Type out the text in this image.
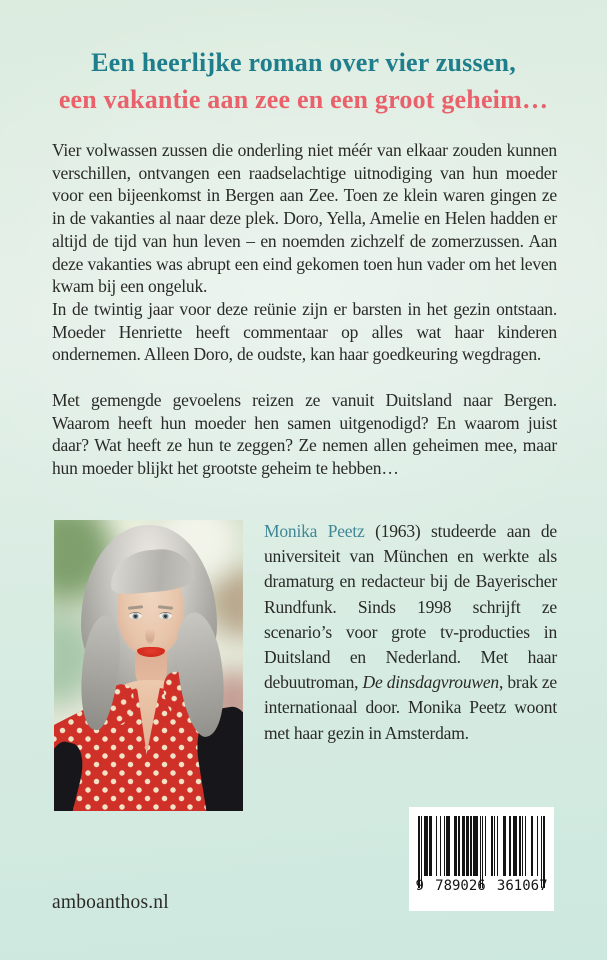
Een heerlijke roman over vier zussen,
een vakantie aan zee en een groot geheim…

Vier volwassen zussen die onderling niet méér van elkaar zouden kunnen verschillen, ontvangen een raadselachtige uitnodiging van hun moeder voor een bijeenkomst in Bergen aan Zee. Toen ze klein waren gingen ze in de vakanties al naar deze plek. Doro, Yella, Amelie en Helen hadden er altijd de tijd van hun leven – en noemden zichzelf de zomerzussen. Aan deze vakanties was abrupt een eind gekomen toen hun vader om het leven kwam bij een ongeluk.

In de twintig jaar voor deze reünie zijn er barsten in het gezin ontstaan. Moeder Henriette heeft commentaar op alles wat haar kinderen ondernemen. Alleen Doro, de oudste, kan haar goedkeuring wegdragen.

Met gemengde gevoelens reizen ze vanuit Duitsland naar Bergen. Waarom heeft hun moeder hen samen uitgenodigd? En waarom juist daar? Wat heeft ze hun te zeggen? Ze nemen allen geheimen mee, maar hun moeder blijkt het grootste geheim te hebben…

Monika Peetz (1963) studeerde aan de universiteit van München en werkte als dramaturg en redacteur bij de Bayerischer Rundfunk. Sinds 1998 schrijft ze scenario’s voor grote tv-producties in Duitsland en Nederland. Met haar debuutroman, De dinsdagvrouwen, brak ze internationaal door. Monika Peetz woont met haar gezin in Amsterdam.
amboanthos.nl
9 789026 361067
